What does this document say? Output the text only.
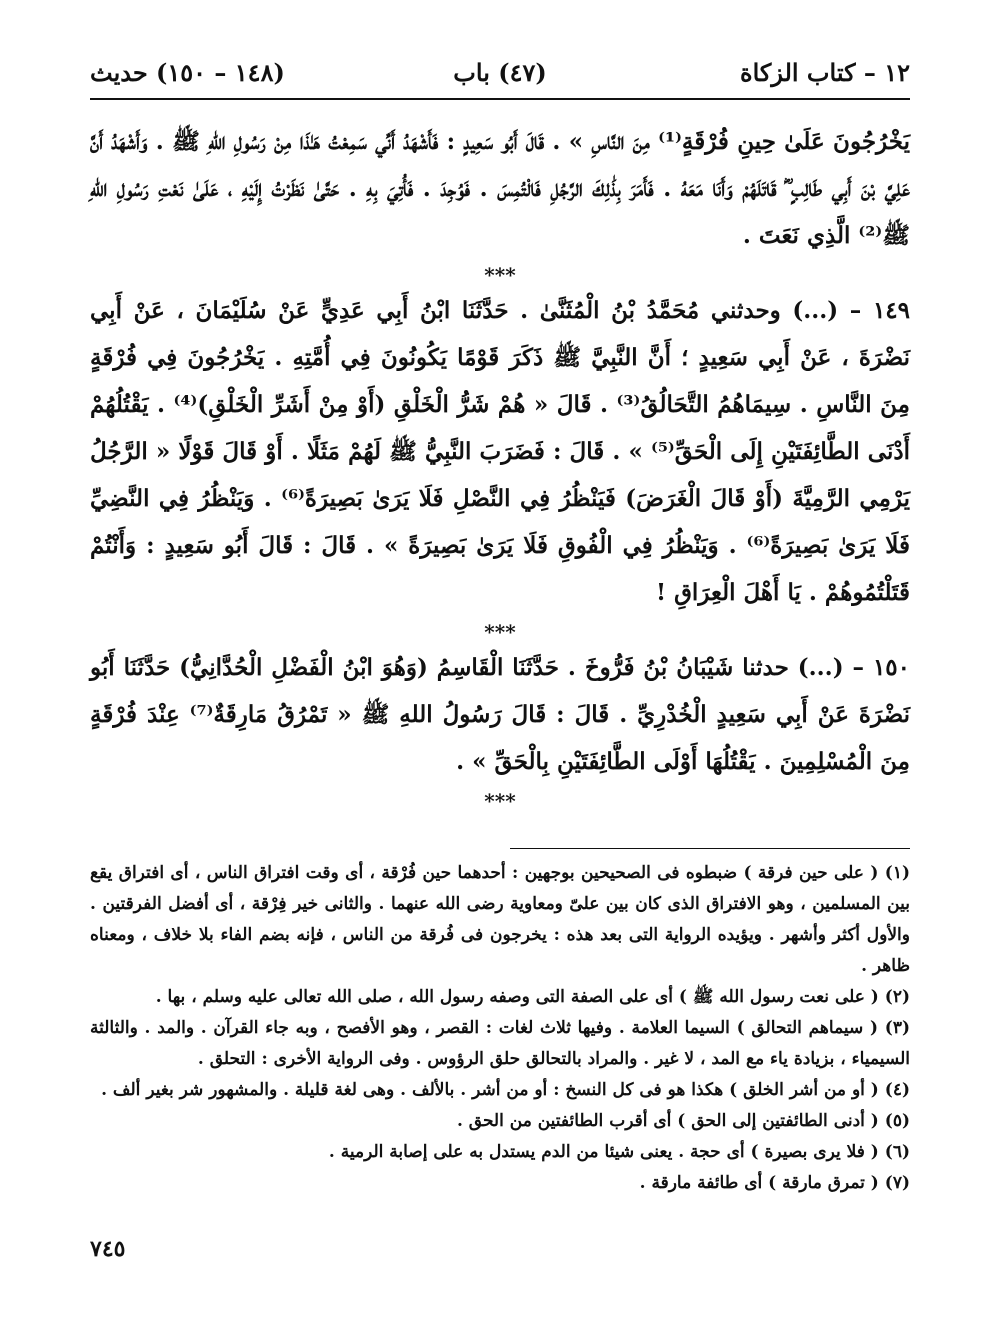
١٢ – كتاب الزكاة
(٤٧) باب
(١٤٨ – ١٥٠) حديث

يَخْرُجُونَ عَلَىٰ حِينِ فُرْقَةٍ⁽¹⁾ مِنَ النَّاسِ » . قَالَ أَبُو سَعِيدٍ : فَأَشْهَدُ أَنِّي سَمِعْتُ هَـٰذَا مِنْ رَسُولِ اللهِ ﷺ . وَأَشْهَدُ أَنَّ عَلِيَّ بْنَ أَبِي طَالِبٍ ؓ قَاتَلَهُمْ وَأَنَا مَعَهُ . فَأَمَرَ بِذَٰلِكَ الرَّجُلِ فَالْتُمِسَ . فَوُجِدَ . فَأُتِيَ بِهِ . حَتَّىٰ نَظَرْتُ إِلَيْهِ ، عَلَىٰ نَعْتِ رَسُولِ اللهِ ﷺ⁽²⁾ الَّذِي نَعَتَ .

***

١٤٩ – (...) وحدثني مُحَمَّدُ بْنُ الْمُثَنَّىٰ . حَدَّثَنَا ابْنُ أَبِي عَدِيٍّ عَنْ سُلَيْمَانَ ، عَنْ أَبِي نَضْرَةَ ، عَنْ أَبِي سَعِيدٍ ؛ أَنَّ النَّبِيَّ ﷺ ذَكَرَ قَوْمًا يَكُونُونَ فِي أُمَّتِهِ . يَخْرُجُونَ فِي فُرْقَةٍ مِنَ النَّاسِ . سِيمَاهُمُ التَّحَالُقُ⁽³⁾ . قَالَ « هُمْ شَرُّ الْخَلْقِ (أَوْ مِنْ أَشَرِّ الْخَلْقِ)⁽⁴⁾ . يَقْتُلُهُمْ أَدْنَى الطَّائِفَتَيْنِ إِلَى الْحَقِّ⁽⁵⁾ » . قَالَ : فَضَرَبَ النَّبِيُّ ﷺ لَهُمْ مَثَلًا . أَوْ قَالَ قَوْلًا « الرَّجُلُ يَرْمِي الرَّمِيَّةَ (أَوْ قَالَ الْغَرَضَ) فَيَنْظُرُ فِي النَّصْلِ فَلَا يَرَىٰ بَصِيرَةً⁽⁶⁾ . وَيَنْظُرُ فِي النَّضِيِّ فَلَا يَرَىٰ بَصِيرَةً⁽⁶⁾ . وَيَنْظُرُ فِي الْفُوقِ فَلَا يَرَىٰ بَصِيرَةً » . قَالَ : قَالَ أَبُو سَعِيدٍ : وَأَنْتُمْ قَتَلْتُمُوهُمْ . يَا أَهْلَ الْعِرَاقِ !

***

١٥٠ – (...) حدثنا شَيْبَانُ بْنُ فَرُّوخَ . حَدَّثَنَا الْقَاسِمُ (وَهُوَ ابْنُ الْفَضْلِ الْحُدَّانِيُّ) حَدَّثَنَا أَبُو نَضْرَةَ عَنْ أَبِي سَعِيدٍ الْخُدْرِيِّ . قَالَ : قَالَ رَسُولُ اللهِ ﷺ « تَمْرُقُ مَارِقَةٌ⁽⁷⁾ عِنْدَ فُرْقَةٍ مِنَ الْمُسْلِمِينَ . يَقْتُلُهَا أَوْلَى الطَّائِفَتَيْنِ بِالْحَقِّ » .

***

(١) ( على حين فرقة ) ضبطوه فى الصحيحين بوجهين : أحدهما حين فُرْقة ، أى وقت افتراق الناس ، أى افتراق يقع بين المسلمين ، وهو الافتراق الذى كان بين علىّ ومعاوية رضى الله عنهما . والثانى خير فِرْقة ، أى أفضل الفرقتين . والأول أكثر وأشهر . ويؤيده الرواية التى بعد هذه : يخرجون فى فُرقة من الناس ، فإنه بضم الفاء بلا خلاف ، ومعناه ظاهر .

(٢) ( على نعت رسول الله ﷺ ) أى على الصفة التى وصفه رسول الله ، صلى الله تعالى عليه وسلم ، بها .

(٣) ( سيماهم التحالق ) السيما العلامة . وفيها ثلاث لغات : القصر ، وهو الأفصح ، وبه جاء القرآن . والمد . والثالثة السيمياء ، بزيادة ياء مع المد ، لا غير . والمراد بالتحالق حلق الرؤوس . وفى الرواية الأخرى : التحلق .

(٤) ( أو من أشر الخلق ) هكذا هو فى كل النسخ : أو من أشر . بالألف . وهى لغة قليلة . والمشهور شر بغير ألف .

(٥) ( أدنى الطائفتين إلى الحق ) أى أقرب الطائفتين من الحق .

(٦) ( فلا يرى بصيرة ) أى حجة . يعنى شيئا من الدم يستدل به على إصابة الرمية .

(٧) ( تمرق مارقة ) أى طائفة مارقة .

٧٤٥
